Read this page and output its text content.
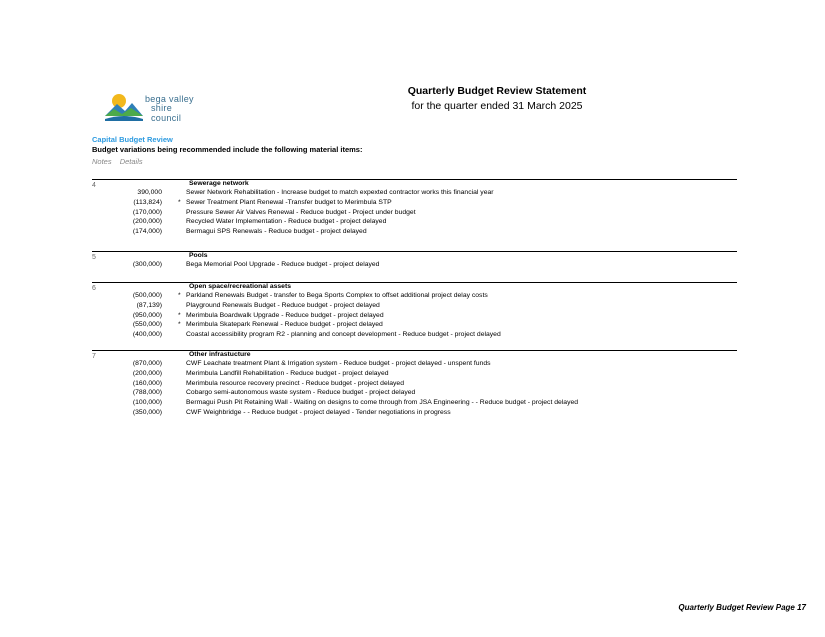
bega valley
shire council
Quarterly Budget Review Statement
for the quarter ended 31 March 2025
Capital Budget Review
Budget variations being recommended include the following material items:
Notes Details
4	Sewerage network
390,000	Sewer Network Rehabilitation - Increase budget to match expexted contractor works this financial year
(113,824) * Sewer Treatment Plant Renewal -Transfer budget to Merimbula STP
(170,000)	Pressure Sewer Air Valves Renewal - Reduce budget - Project under budget
(200,000)	Recycled Water Implementation - Reduce budget - project delayed
(174,000)	Bermagui SPS Renewals - Reduce budget - project delayed
5	Pools
(300,000)	Bega Memorial Pool Upgrade - Reduce budget - project delayed
6	Open space/recreational assets
(500,000) * Parkland Renewals Budget - transfer to Bega Sports Complex to offset additional project delay costs
(87,139)	Playground Renewals Budget - Reduce budget - project delayed
(950,000) * Merimbula Boardwalk Upgrade - Reduce budget - project delayed
(550,000) * Merimbula Skatepark Renewal - Reduce budget - project delayed
(400,000)	Coastal accessibility program R2 - planning and concept development - Reduce budget - project delayed
7	Other infrastucture
(870,000)	CWF Leachate treatment Plant & Irrigation system - Reduce budget - project delayed - unspent funds
(200,000)	Merimbula Landfill Rehabilitation - Reduce budget - project delayed
(160,000)	Merimbula resource recovery precinct - Reduce budget - project delayed
(788,000)	Cobargo semi-autonomous waste system - Reduce budget - project delayed
(100,000)	Bermagui Push Pit Retaining Wall - Waiting on designs to come through from JSA Engineering - - Reduce budget - project delayed
(350,000)	CWF Weighbridge - - Reduce budget - project delayed - Tender negotiations in progress
Quarterly Budget Review Page 17
